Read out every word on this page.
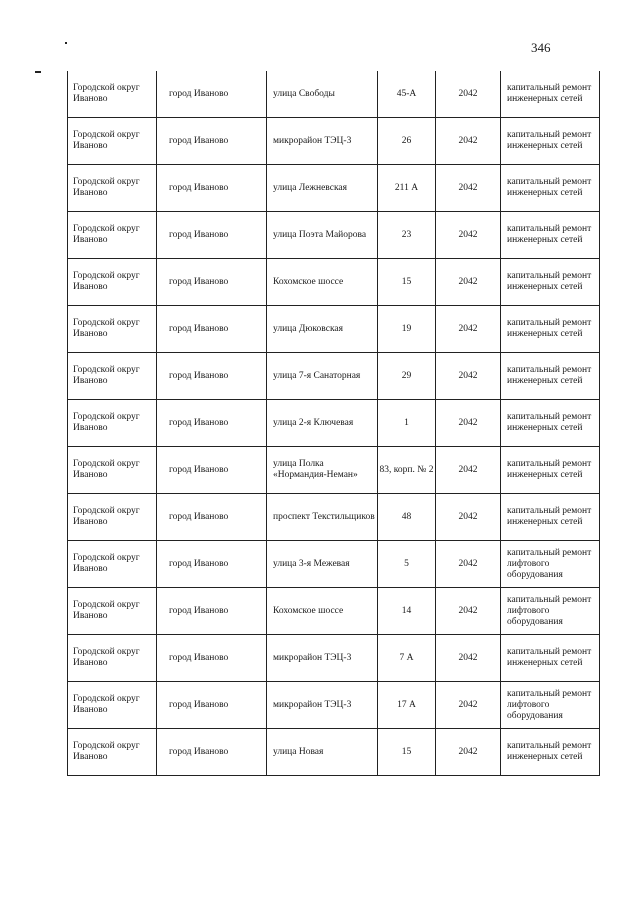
346
Городской округ Иваново	город Иваново	улица Свободы	45-А	2042	капитальный ремонт инженерных сетей
Городской округ Иваново	город Иваново	микрорайон ТЭЦ-3	26	2042	капитальный ремонт инженерных сетей
Городской округ Иваново	город Иваново	улица Лежневская	211 А	2042	капитальный ремонт инженерных сетей
Городской округ Иваново	город Иваново	улица Поэта Майорова	23	2042	капитальный ремонт инженерных сетей
Городской округ Иваново	город Иваново	Кохомское шоссе	15	2042	капитальный ремонт инженерных сетей
Городской округ Иваново	город Иваново	улица Дюковская	19	2042	капитальный ремонт инженерных сетей
Городской округ Иваново	город Иваново	улица 7-я Санаторная	29	2042	капитальный ремонт инженерных сетей
Городской округ Иваново	город Иваново	улица 2-я Ключевая	1	2042	капитальный ремонт инженерных сетей
Городской округ Иваново	город Иваново	улица Полка «Нормандия-Неман»	83, корп. № 2	2042	капитальный ремонт инженерных сетей
Городской округ Иваново	город Иваново	проспект Текстильщиков	48	2042	капитальный ремонт инженерных сетей
Городской округ Иваново	город Иваново	улица 3-я Межевая	5	2042	капитальный ремонт лифтового оборудования
Городской округ Иваново	город Иваново	Кохомское шоссе	14	2042	капитальный ремонт лифтового оборудования
Городской округ Иваново	город Иваново	микрорайон ТЭЦ-3	7 А	2042	капитальный ремонт инженерных сетей
Городской округ Иваново	город Иваново	микрорайон ТЭЦ-3	17 А	2042	капитальный ремонт лифтового оборудования
Городской округ Иваново	город Иваново	улица Новая	15	2042	капитальный ремонт инженерных сетей
